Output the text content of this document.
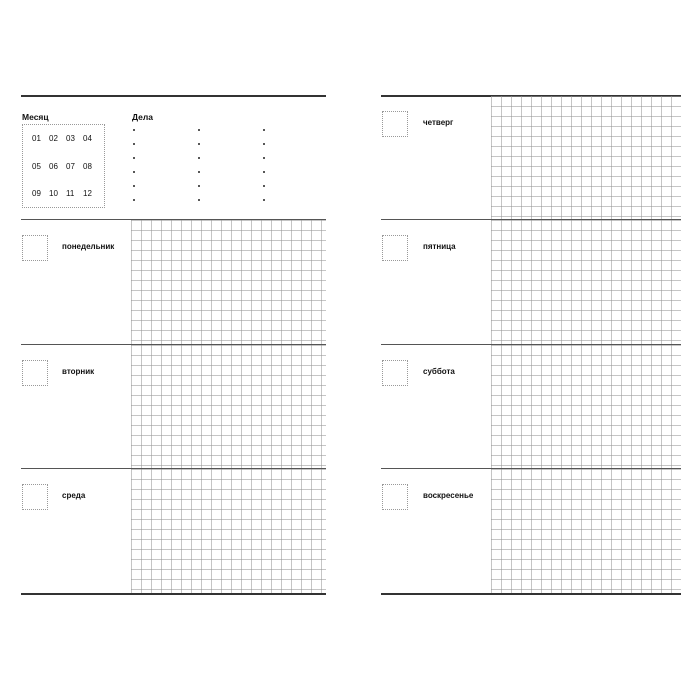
Месяц
01 02 03 04
05 06 07 08
09 10 11 12
Дела
понедельник
вторник
среда
четверг
пятница
суббота
воскресенье
